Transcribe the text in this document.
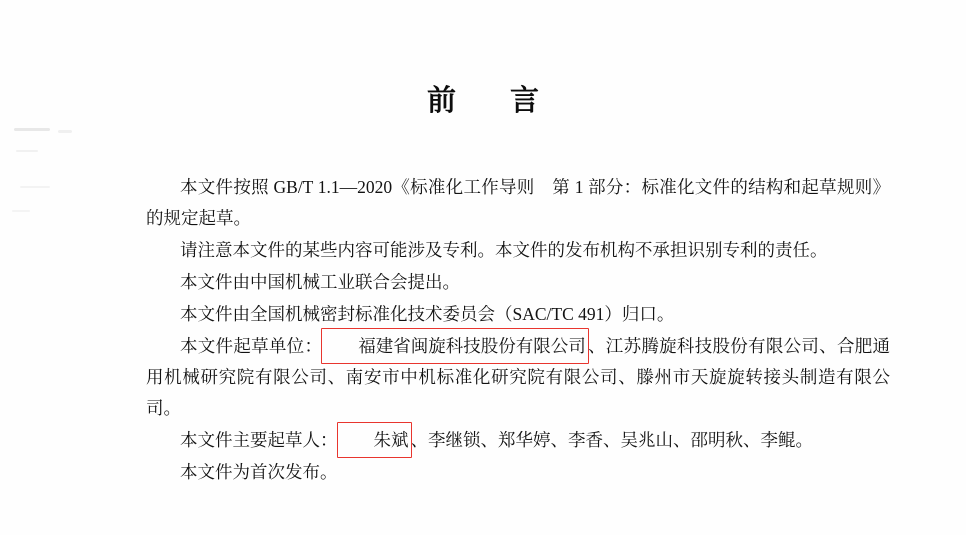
前 言
本文件按照 GB/T 1.1—2020《标准化工作导则　第 1 部分：标准化文件的结构和起草规则》的规定起草。
请注意本文件的某些内容可能涉及专利。本文件的发布机构不承担识别专利的责任。
本文件由中国机械工业联合会提出。
本文件由全国机械密封标准化技术委员会（SAC/TC 491）归口。
本文件起草单位： 福建省闽旋科技股份有限公司 、江苏腾旋科技股份有限公司、合肥通用机械研究院有限公司、南安市中机标准化研究院有限公司、滕州市天旋旋转接头制造有限公司。
本文件主要起草人： 朱斌 、李继锁、郑华婷、李香、吴兆山、邵明秋、李鲲。
本文件为首次发布。
